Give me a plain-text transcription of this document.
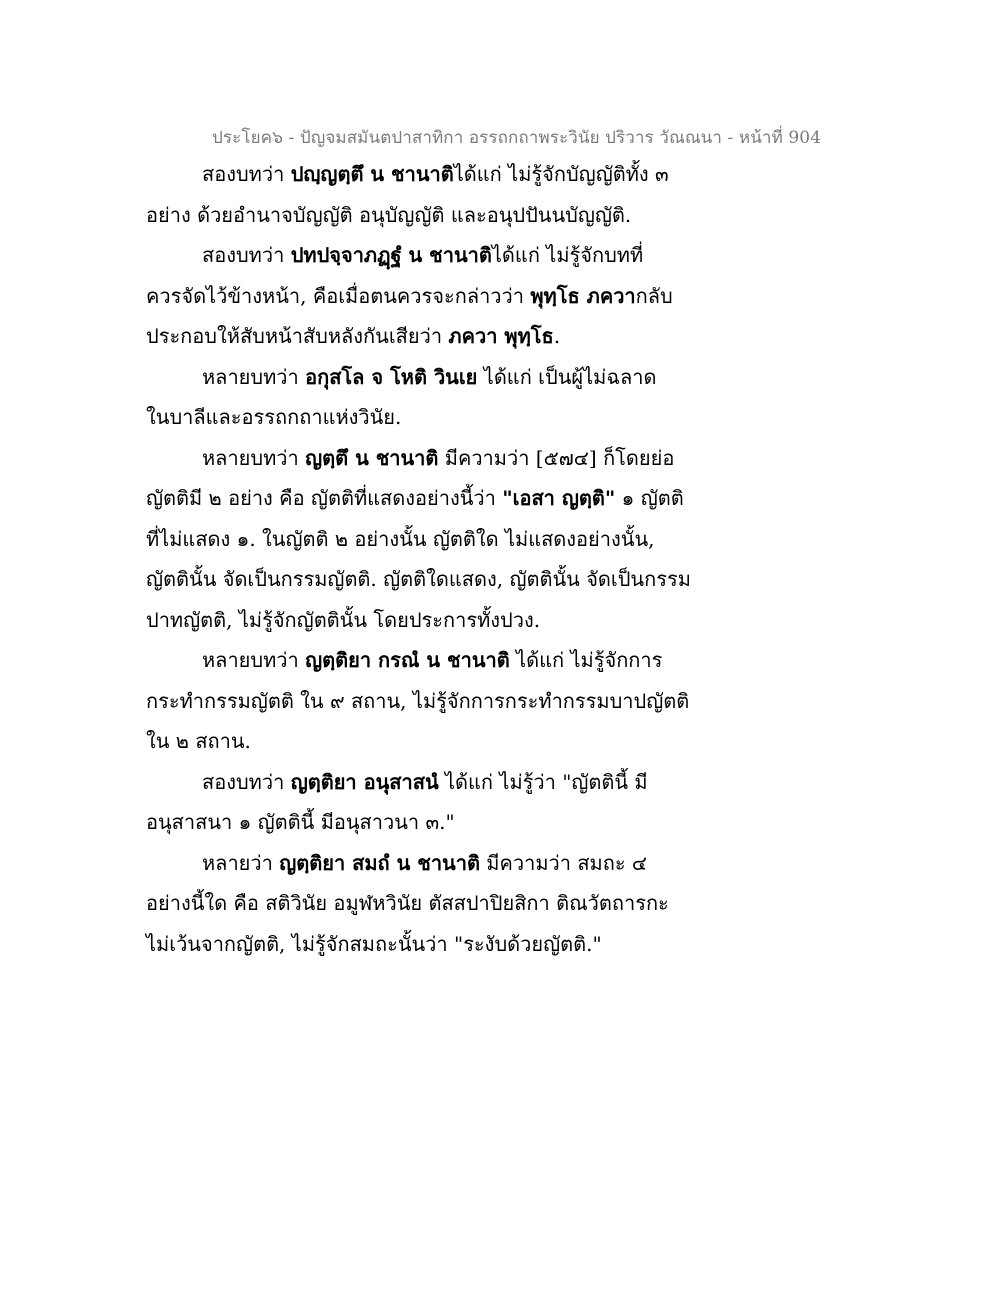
ประโยค๖ - ปัญจมสมันตปาสาทิกา อรรถกถาพระวินัย ปริวาร วัณณนา - หน้าที่ 904
สองบทว่า ปญฺญตฺตึ น ชานาติได้แก่ ไม่รู้จักบัญญัติทั้ง ๓
อย่าง ด้วยอำนาจบัญญัติ อนุบัญญัติ และอนุปปันนบัญญัติ.
สองบทว่า ปทปจฺจาภฏฺฐํ น ชานาติได้แก่ ไม่รู้จักบทที่
ควรจัดไว้ข้างหน้า, คือเมื่อตนควรจะกล่าวว่า พุทฺโธ ภควากลับ
ประกอบให้สับหน้าสับหลังกันเสียว่า ภควา พุทฺโธ.
หลายบทว่า อกุสโล จ โหติ วินเย ได้แก่ เป็นผู้ไม่ฉลาด
ในบาลีและอรรถกถาแห่งวินัย.
หลายบทว่า ญตฺตึ น ชานาติ มีความว่า [๕๗๔] ก็โดยย่อ
ญัตติมี ๒ อย่าง คือ ญัตติที่แสดงอย่างนี้ว่า "เอสา ญตฺติ" ๑ ญัตติ
ที่ไม่แสดง ๑. ในญัตติ ๒ อย่างนั้น ญัตติใด ไม่แสดงอย่างนั้น,
ญัตตินั้น จัดเป็นกรรมญัตติ. ญัตติใดแสดง, ญัตตินั้น จัดเป็นกรรม
ปาทญัตติ, ไม่รู้จักญัตตินั้น โดยประการทั้งปวง.
หลายบทว่า ญตฺติยา กรณํ น ชานาติ ได้แก่ ไม่รู้จักการ
กระทำกรรมญัตติ ใน ๙ สถาน, ไม่รู้จักการกระทำกรรมบาปญัตติ
ใน ๒ สถาน.
สองบทว่า ญตฺติยา อนุสาสนํ ได้แก่ ไม่รู้ว่า "ญัตตินี้ มี
อนุสาสนา ๑ ญัตตินี้ มีอนุสาวนา ๓."
หลายว่า ญตฺติยา สมถํ น ชานาติ มีความว่า สมถะ ๔
อย่างนี้ใด คือ สติวินัย อมูฬหวินัย ตัสสปาปิยสิกา ติณวัตถารกะ
ไม่เว้นจากญัตติ, ไม่รู้จักสมถะนั้นว่า "ระงับด้วยญัตติ."
